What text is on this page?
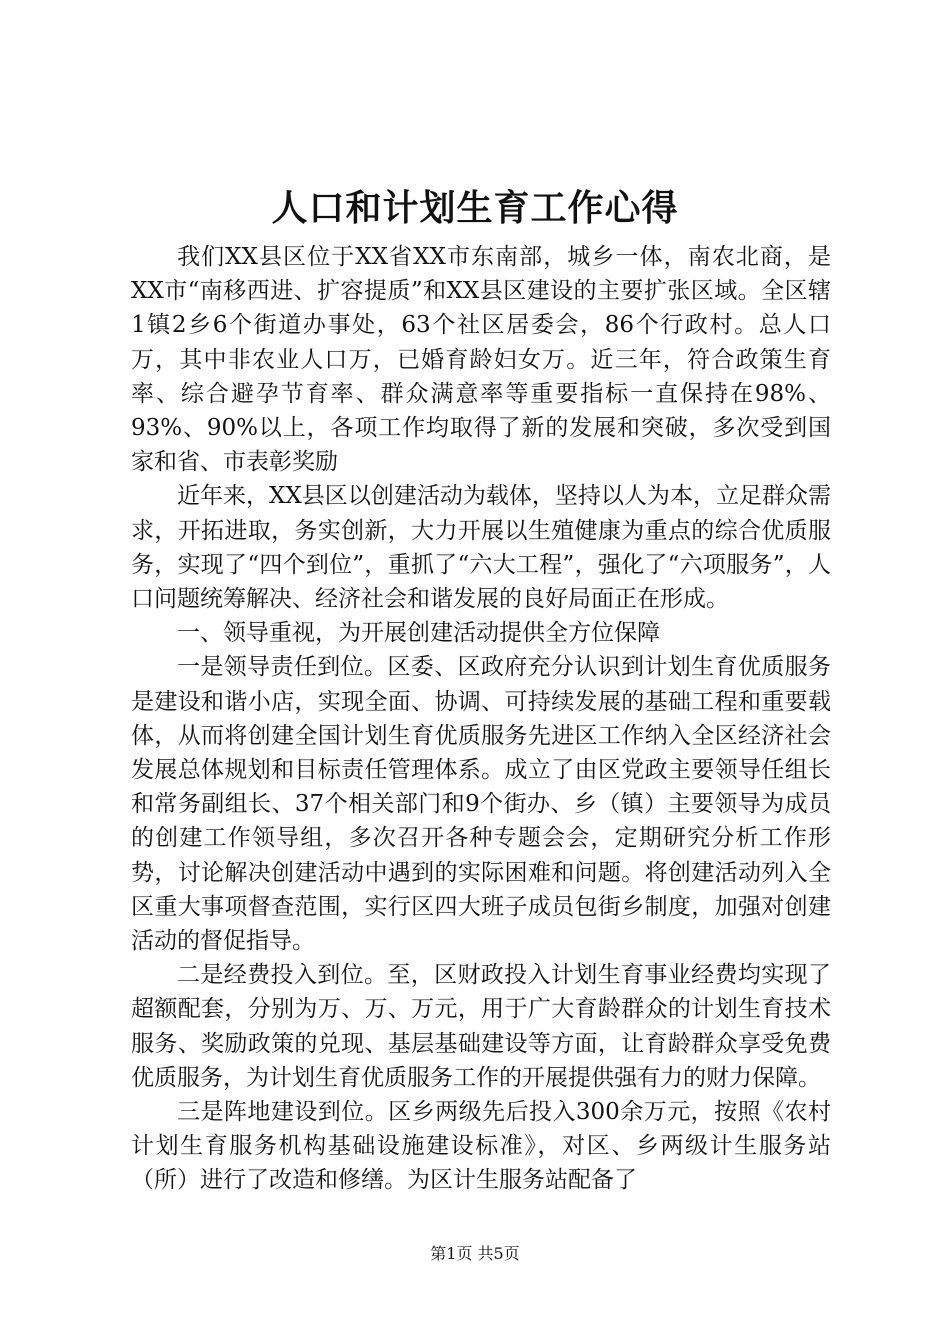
人口和计划生育工作心得

我们XX县区位于XX省XX市东南部，城乡一体，南农北商，是XX市“南移西进、扩容提质”和XX县区建设的主要扩张区域。全区辖1镇2乡6个街道办事处，63个社区居委会，86个行政村。总人口万，其中非农业人口万，已婚育龄妇女万。近三年，符合政策生育率、综合避孕节育率、群众满意率等重要指标一直保持在98%、93%、90%以上，各项工作均取得了新的发展和突破，多次受到国家和省、市表彰奖励

近年来，XX县区以创建活动为载体，坚持以人为本，立足群众需求，开拓进取，务实创新，大力开展以生殖健康为重点的综合优质服务，实现了“四个到位”，重抓了“六大工程”，强化了“六项服务”，人口问题统筹解决、经济社会和谐发展的良好局面正在形成。

一、领导重视，为开展创建活动提供全方位保障

一是领导责任到位。区委、区政府充分认识到计划生育优质服务是建设和谐小店，实现全面、协调、可持续发展的基础工程和重要载体，从而将创建全国计划生育优质服务先进区工作纳入全区经济社会发展总体规划和目标责任管理体系。成立了由区党政主要领导任组长和常务副组长、37个相关部门和9个街办、乡（镇）主要领导为成员的创建工作领导组，多次召开各种专题会会，定期研究分析工作形势，讨论解决创建活动中遇到的实际困难和问题。将创建活动列入全区重大事项督查范围，实行区四大班子成员包街乡制度，加强对创建活动的督促指导。

二是经费投入到位。至，区财政投入计划生育事业经费均实现了超额配套，分别为万、万、万元，用于广大育龄群众的计划生育技术服务、奖励政策的兑现、基层基础建设等方面，让育龄群众享受免费优质服务，为计划生育优质服务工作的开展提供强有力的财力保障。

三是阵地建设到位。区乡两级先后投入300余万元，按照《农村计划生育服务机构基础设施建设标准》，对区、乡两级计生服务站（所）进行了改造和修缮。为区计生服务站配备了

第1页 共5页
